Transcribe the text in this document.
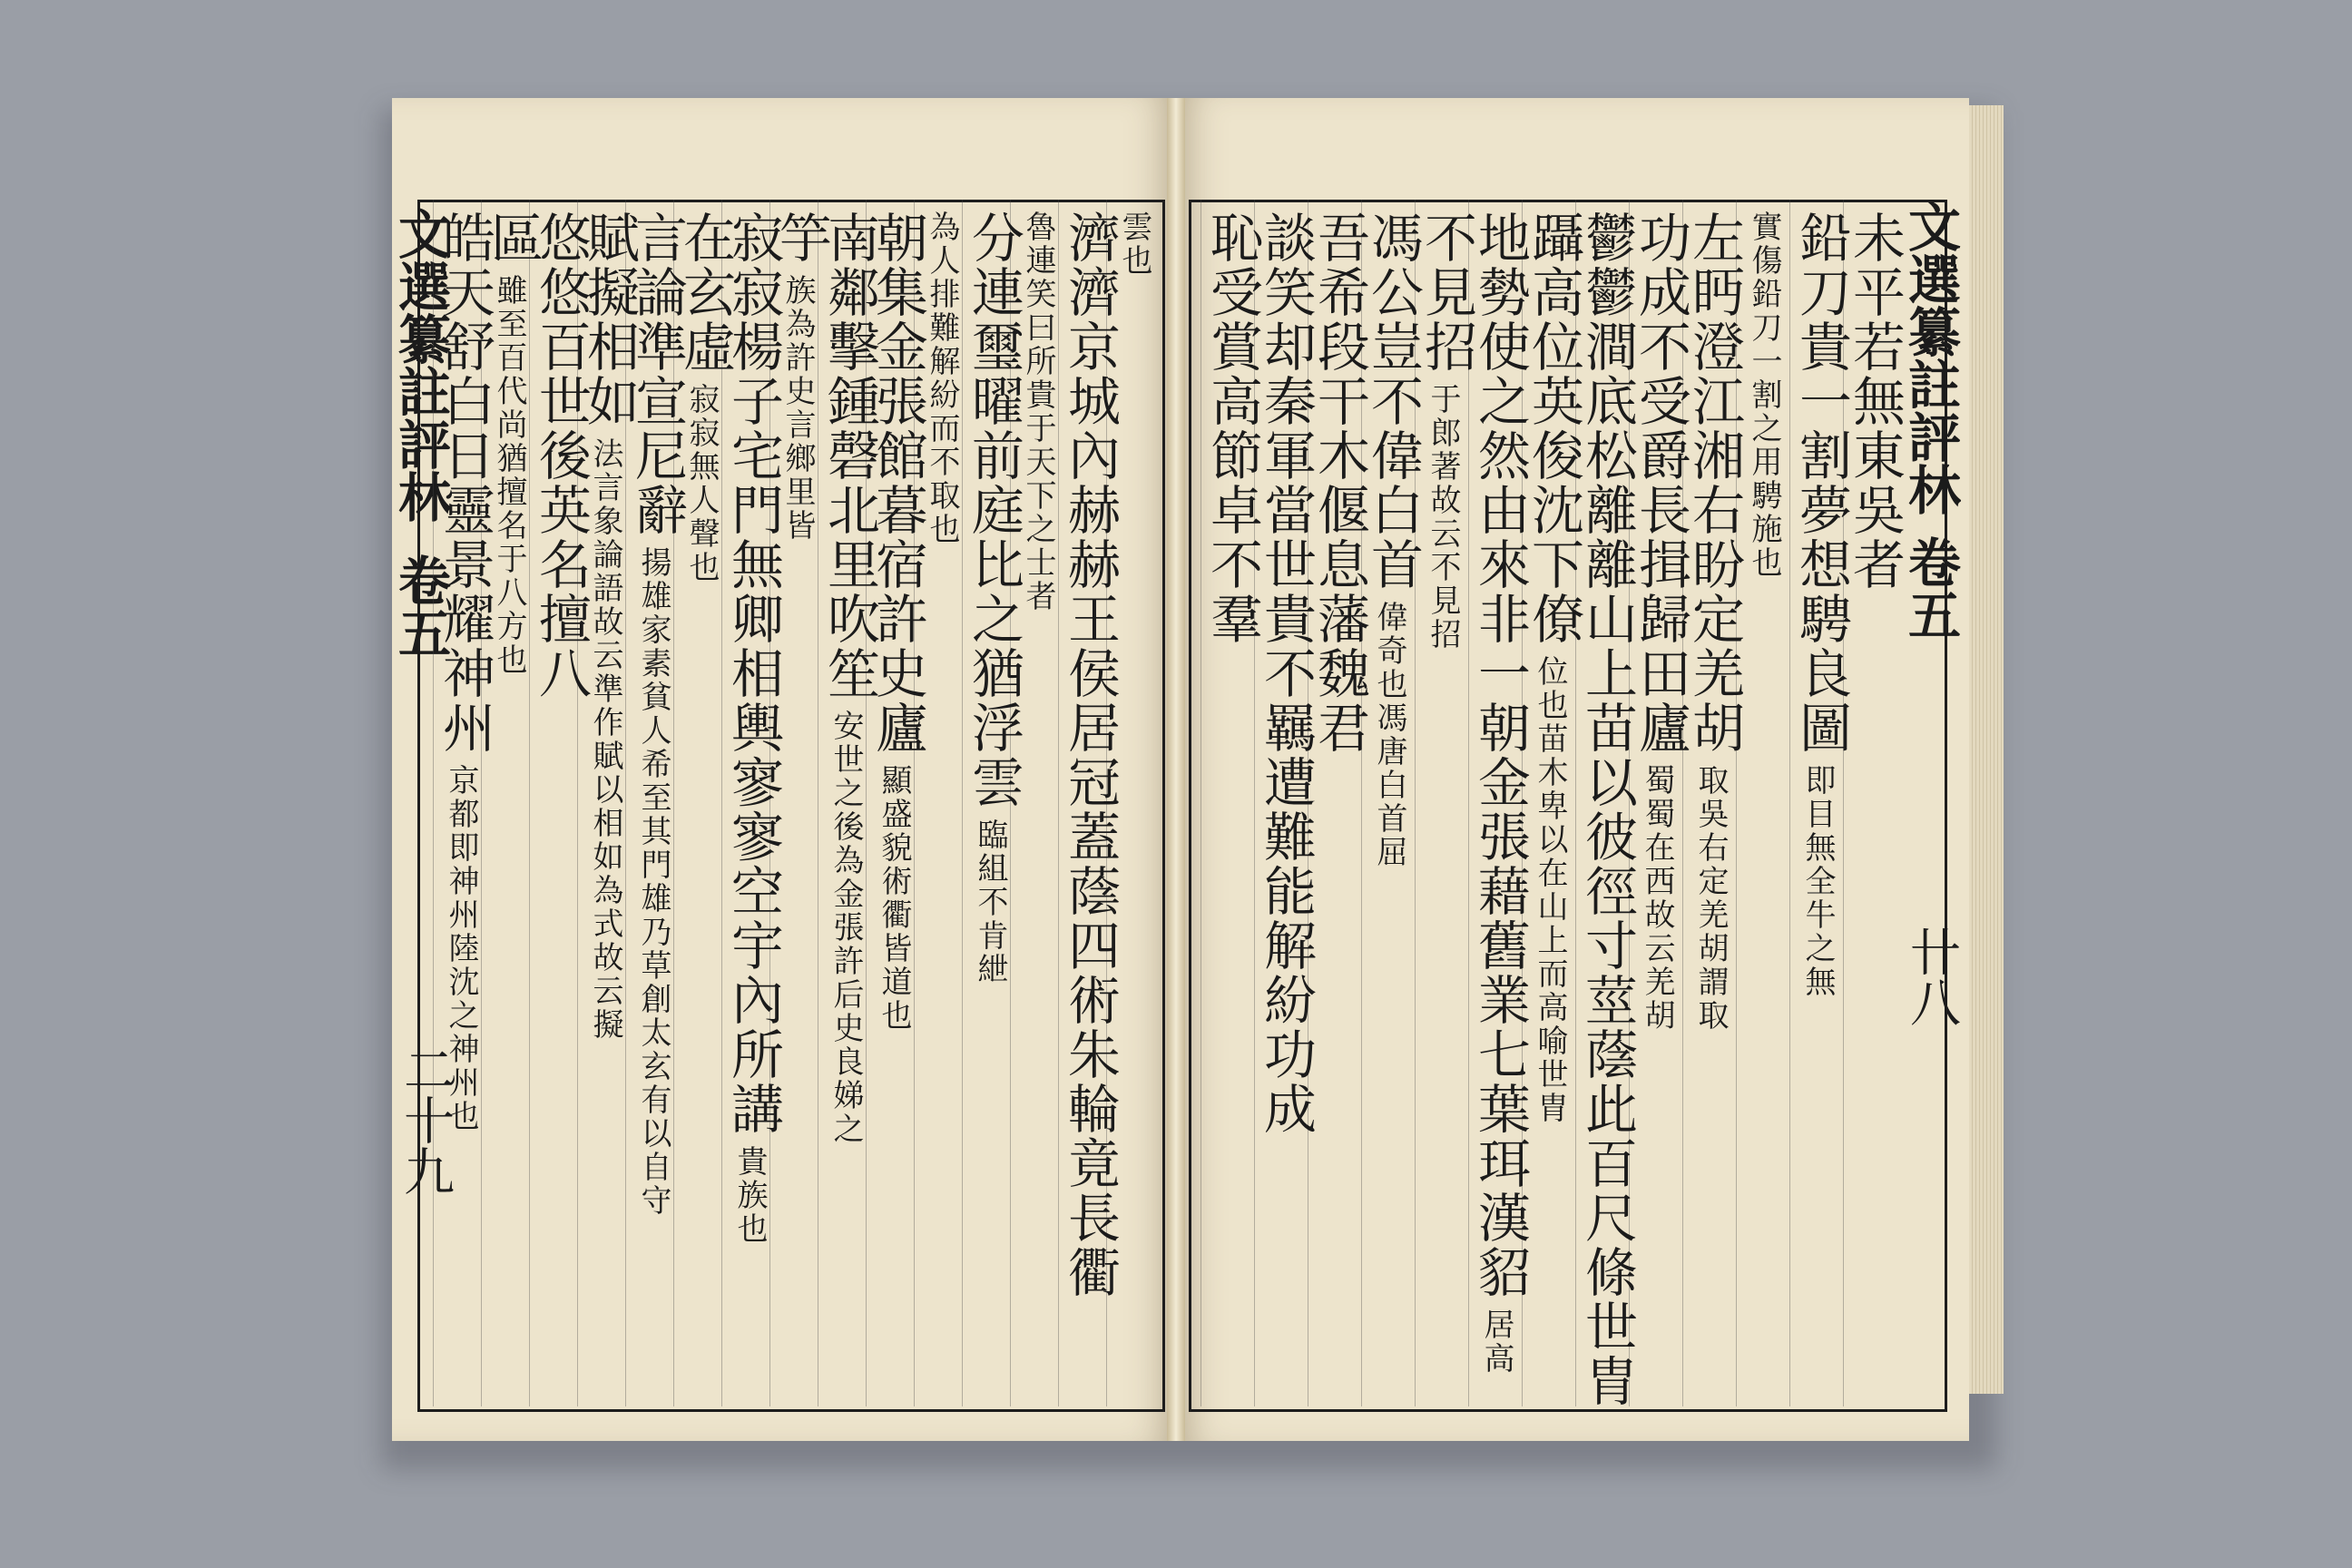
文選纂註評林
卷五
卄八
文選纂註評林
卷五
二十九
未平若無東吳者
鉛刀貴一割夢想騁良圖
即目無全牛之無
實傷鉛刀一割之用騁施也
左眄澄江湘右盼定羌胡
取吳右定羌胡謂取
功成不受爵長揖歸田廬
蜀蜀在西故云羌胡
鬱鬱澗底松離離山上苗以彼徑寸莖蔭此百尺條世胄
躡高位英俊沈下僚
位也苗木卑以在山上而高喻世胄
地勢使之然由來非一朝金張藉舊業七葉珥漢貂
居高
不見招
于郎著故云不見招
馮公豈不偉白首
偉奇也馮唐白首屈
吾希段干木偃息藩魏君
談笑却秦軍當世貴不羈遭難能解紛功成
恥受賞高節卓不羣
雲也
濟濟京城內赫赫王侯居冠蓋蔭四術朱輪竟長衢
魯連笑曰所貴于天下之士者
分連璽曜前庭比之猶浮雲
臨組不肯紲
為人排難解紛而不取也
朝集金張館暮宿許史廬
顯盛貌術衢皆道也
南鄰擊鍾磬北里吹笙
安世之後為金張許后史良娣之
竽
族為許史言鄉里皆
寂寂楊子宅門無卿相輿寥寥空宇內所講
貴族也
在玄虛
寂寂無人聲也
言論準宣尼辭
揚雄家素貧人希至其門雄乃草創太玄有以自守
賦擬相如
法言象論語故云準作賦以相如為式故云擬
悠悠百世後英名擅八
區
雖至百代尚猶擅名于八方也
皓天舒白日靈景耀神州
京都即神州陸沈之神州也
